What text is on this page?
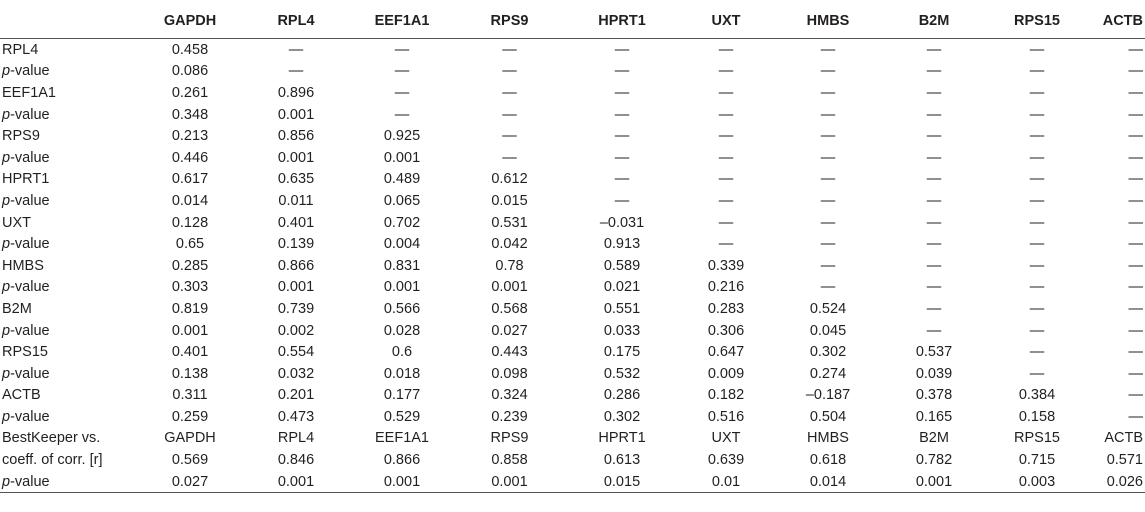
	GAPDH	RPL4	EEF1A1	RPS9	HPRT1	UXT	HMBS	B2M	RPS15	ACTB
RPL4	0.458	—	—	—	—	—	—	—	—	—
p-value	0.086	—	—	—	—	—	—	—	—	—
EEF1A1	0.261	0.896	—	—	—	—	—	—	—	—
p-value	0.348	0.001	—	—	—	—	—	—	—	—
RPS9	0.213	0.856	0.925	—	—	—	—	—	—	—
p-value	0.446	0.001	0.001	—	—	—	—	—	—	—
HPRT1	0.617	0.635	0.489	0.612	—	—	—	—	—	—
p-value	0.014	0.011	0.065	0.015	—	—	—	—	—	—
UXT	0.128	0.401	0.702	0.531	–0.031	—	—	—	—	—
p-value	0.65	0.139	0.004	0.042	0.913	—	—	—	—	—
HMBS	0.285	0.866	0.831	0.78	0.589	0.339	—	—	—	—
p-value	0.303	0.001	0.001	0.001	0.021	0.216	—	—	—	—
B2M	0.819	0.739	0.566	0.568	0.551	0.283	0.524	—	—	—
p-value	0.001	0.002	0.028	0.027	0.033	0.306	0.045	—	—	—
RPS15	0.401	0.554	0.6	0.443	0.175	0.647	0.302	0.537	—	—
p-value	0.138	0.032	0.018	0.098	0.532	0.009	0.274	0.039	—	—
ACTB	0.311	0.201	0.177	0.324	0.286	0.182	–0.187	0.378	0.384	—
p-value	0.259	0.473	0.529	0.239	0.302	0.516	0.504	0.165	0.158	—
BestKeeper vs.	GAPDH	RPL4	EEF1A1	RPS9	HPRT1	UXT	HMBS	B2M	RPS15	ACTB
coeff. of corr. [r]	0.569	0.846	0.866	0.858	0.613	0.639	0.618	0.782	0.715	0.571
p-value	0.027	0.001	0.001	0.001	0.015	0.01	0.014	0.001	0.003	0.026
